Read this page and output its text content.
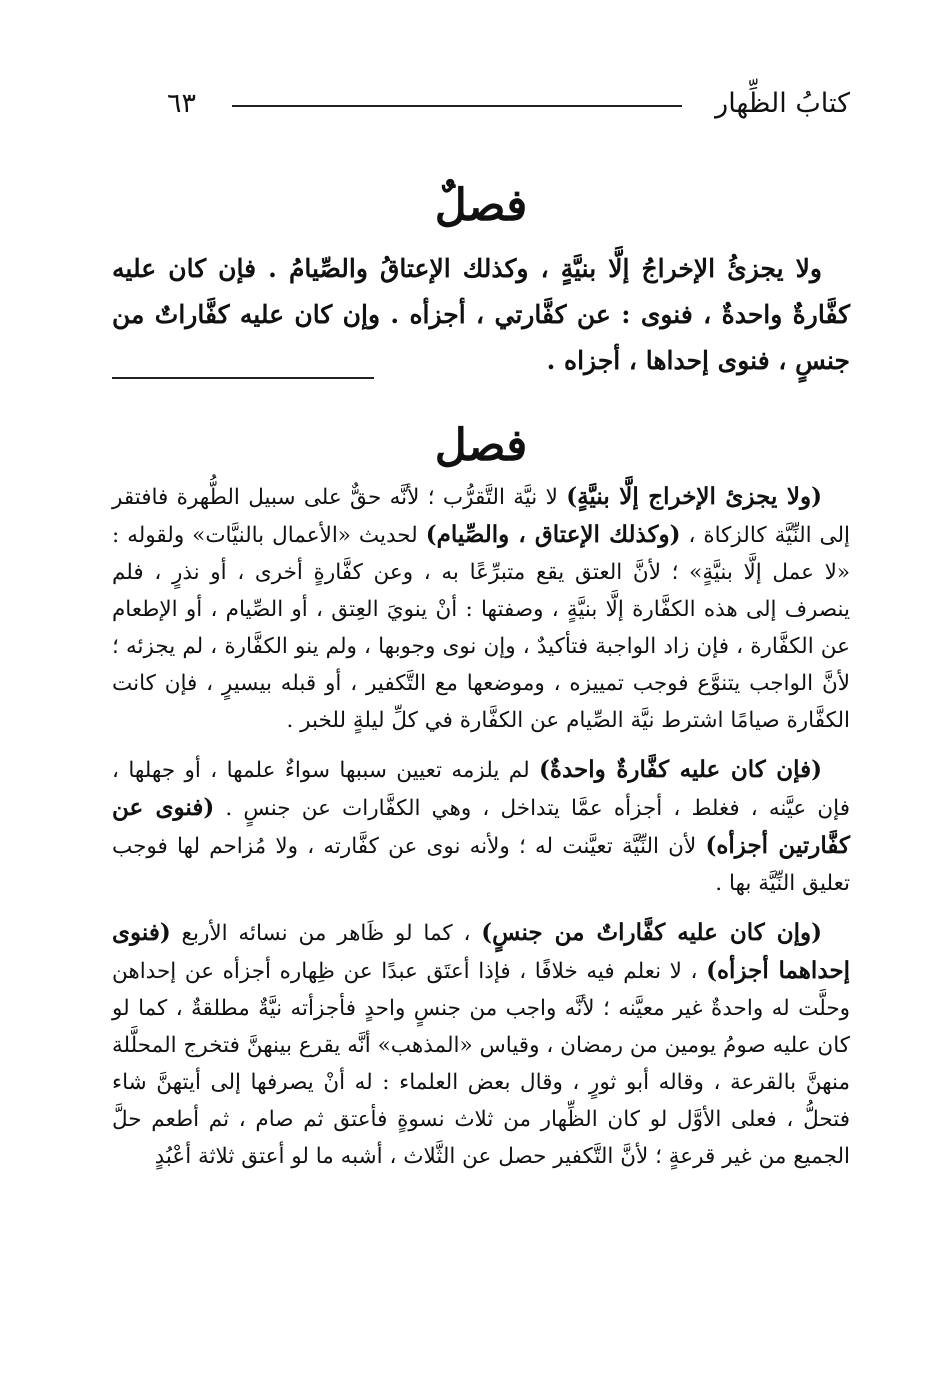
كتابُ الظِّهار
٦٣
فصلٌ
ولا يجزئُ الإخراجُ إلَّا بنيَّةٍ ، وكذلك الإعتاقُ والصِّيامُ . فإن كان عليه كفَّارةٌ واحدةٌ ، فنوى : عن كفَّارتي ، أجزأه . وإن كان عليه كفَّاراتٌ من جنسٍ ، فنوى إحداها ، أجزاه .
فصل

(ولا يجزئ الإخراج إلَّا بنيَّةٍ) لا نيَّة التَّقرُّب ؛ لأنَّه حقٌّ على سبيل الطُّهرة فافتقر إلى النِّيَّة كالزكاة ، (وكذلك الإعتاق ، والصِّيام) لحديث «الأعمال بالنيَّات» ولقوله : «لا عمل إلَّا بنيَّةٍ» ؛ لأنَّ العتق يقع متبرِّعًا به ، وعن كفَّارةٍ أخرى ، أو نذرٍ ، فلم ينصرف إلى هذه الكفَّارة إلَّا بنيَّةٍ ، وصفتها : أنْ ينويَ العِتق ، أو الصِّيام ، أو الإطعام عن الكفَّارة ، فإن زاد الواجبة فتأكيدٌ ، وإن نوى وجوبها ، ولم ينو الكفَّارة ، لم يجزئه ؛ لأنَّ الواجب يتنوَّع فوجب تمييزه ، وموضعها مع التَّكفير ، أو قبله بيسيرٍ ، فإن كانت الكفَّارة صيامًا اشترط نيَّة الصِّيام عن الكفَّارة في كلِّ ليلةٍ للخبر .

(فإن كان عليه كفَّارةٌ واحدةٌ) لم يلزمه تعيين سببها سواءٌ علمها ، أو جهلها ، فإن عيَّنه ، فغلط ، أجزأه عمَّا يتداخل ، وهي الكفَّارات عن جنسٍ . (فنوى عن كفَّارتين أجزأه) لأن النِّيَّة تعيَّنت له ؛ ولأنه نوى عن كفَّارته ، ولا مُزاحم لها فوجب تعليق النِّيَّة بها .

(وإن كان عليه كفَّاراتٌ من جنسٍ) ، كما لو ظَاهر من نسائه الأربع (فنوى إحداهما أجزأه) ، لا نعلم فيه خلافًا ، فإذا أعتَق عبدًا عن ظِهاره أجزأه عن إحداهن وحلَّت له واحدةٌ غير معيَّنه ؛ لأنَّه واجب من جنسٍ واحدٍ فأجزأته نيَّةٌ مطلقةٌ ، كما لو كان عليه صومُ يومين من رمضان ، وقياس «المذهب» أنَّه يقرع بينهنَّ فتخرج المحلَّلة منهنَّ بالقرعة ، وقاله أبو ثورٍ ، وقال بعض العلماء : له أنْ يصرفها إلى أيتهنَّ شاء فتحلُّ ، فعلى الأوَّل لو كان الظِّهار من ثلاث نسوةٍ فأعتق ثم صام ، ثم أطعم حلَّ الجميع من غير قرعةٍ ؛ لأنَّ التَّكفير حصل عن الثَّلاث ، أشبه ما لو أعتق ثلاثة أعْبُدٍ
